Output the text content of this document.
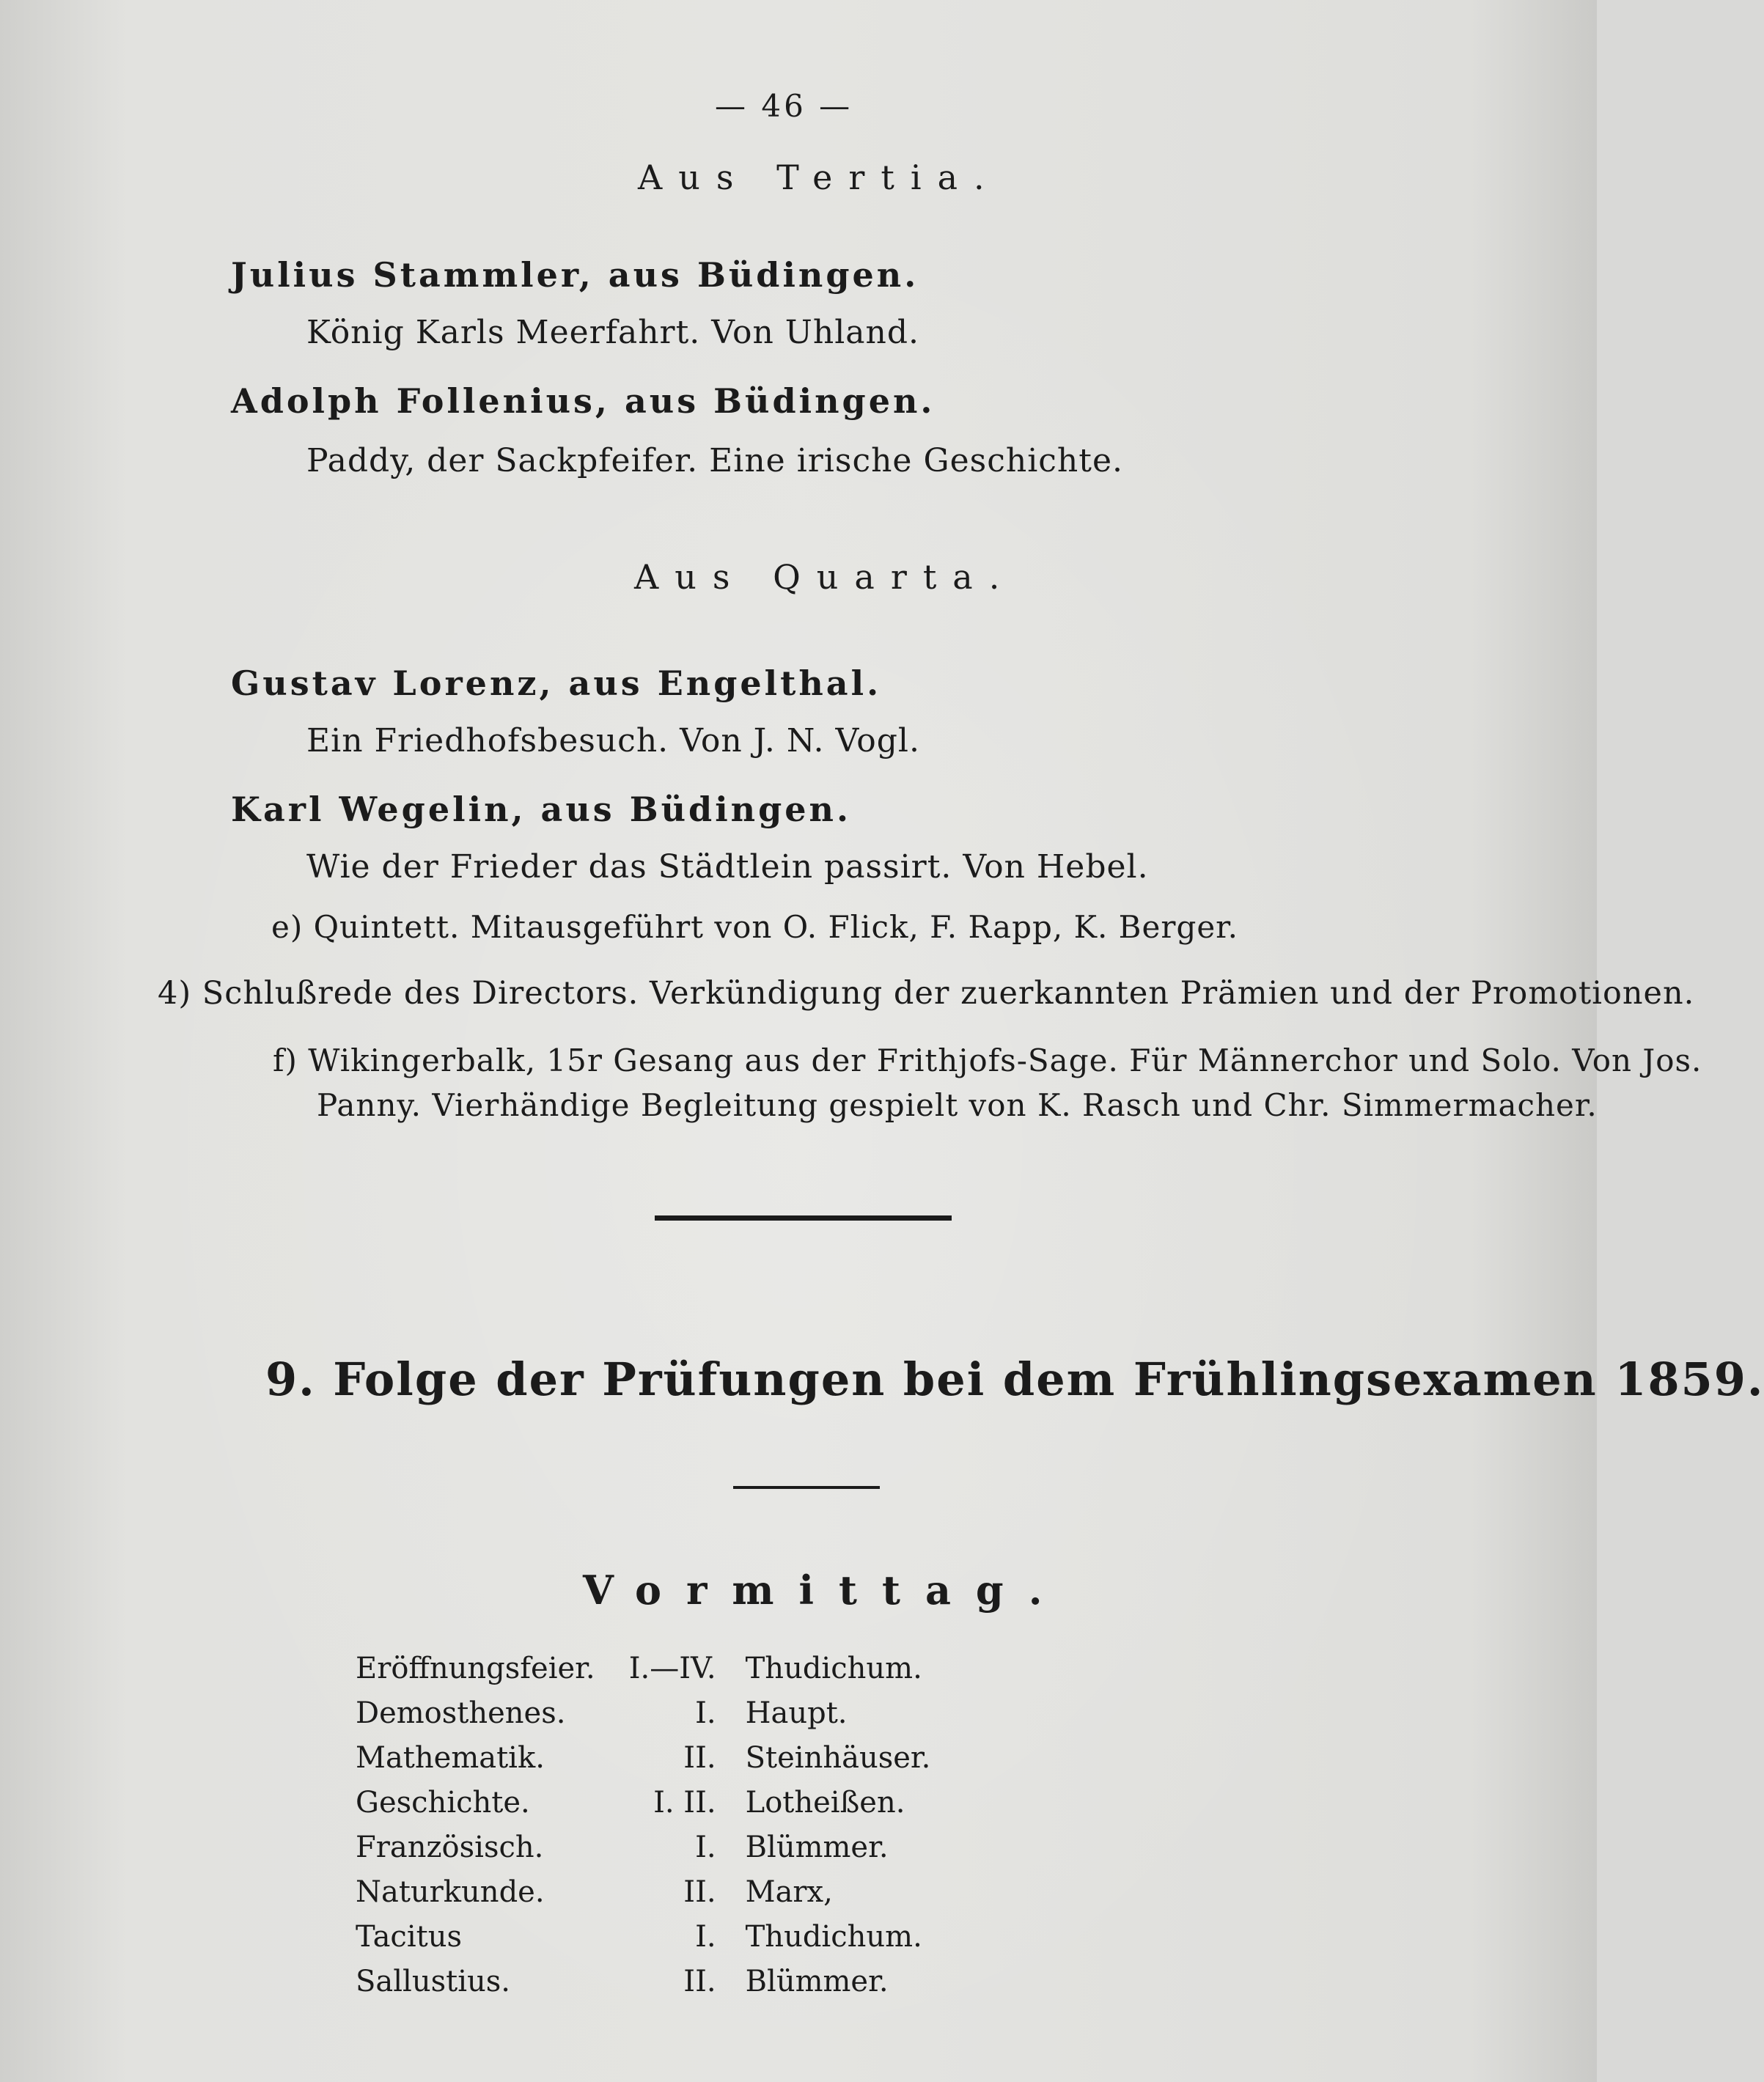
— 46 —
Aus Tertia.
Julius Stammler, aus Büdingen.
König Karls Meerfahrt. Von Uhland.
Adolph Follenius, aus Büdingen.
Paddy, der Sackpfeifer. Eine irische Geschichte.
Aus Quarta.
Gustav Lorenz, aus Engelthal.
Ein Friedhofsbesuch. Von J. N. Vogl.
Karl Wegelin, aus Büdingen.
Wie der Frieder das Städtlein passirt. Von Hebel.
e) Quintett. Mitausgeführt von O. Flick, F. Rapp, K. Berger.
4) Schlußrede des Directors. Verkündigung der zuerkannten Prämien und der Promotionen.
f) Wikingerbalk, 15r Gesang aus der Frithjofs-Sage. Für Männerchor und Solo. Von Jos.
Panny. Vierhändige Begleitung gespielt von K. Rasch und Chr. Simmermacher.
9. Folge der Prüfungen bei dem Frühlingsexamen 1859.
Vormittag.
Eröffnungsfeier.	I.—IV.	Thudichum.
Demosthenes.	I.	Haupt.
Mathematik.	II.	Steinhäuser.
Geschichte.	I. II.	Lotheißen.
Französisch.	I.	Blümmer.
Naturkunde.	II.	Marx,
Tacitus	I.	Thudichum.
Sallustius.	II.	Blümmer.
